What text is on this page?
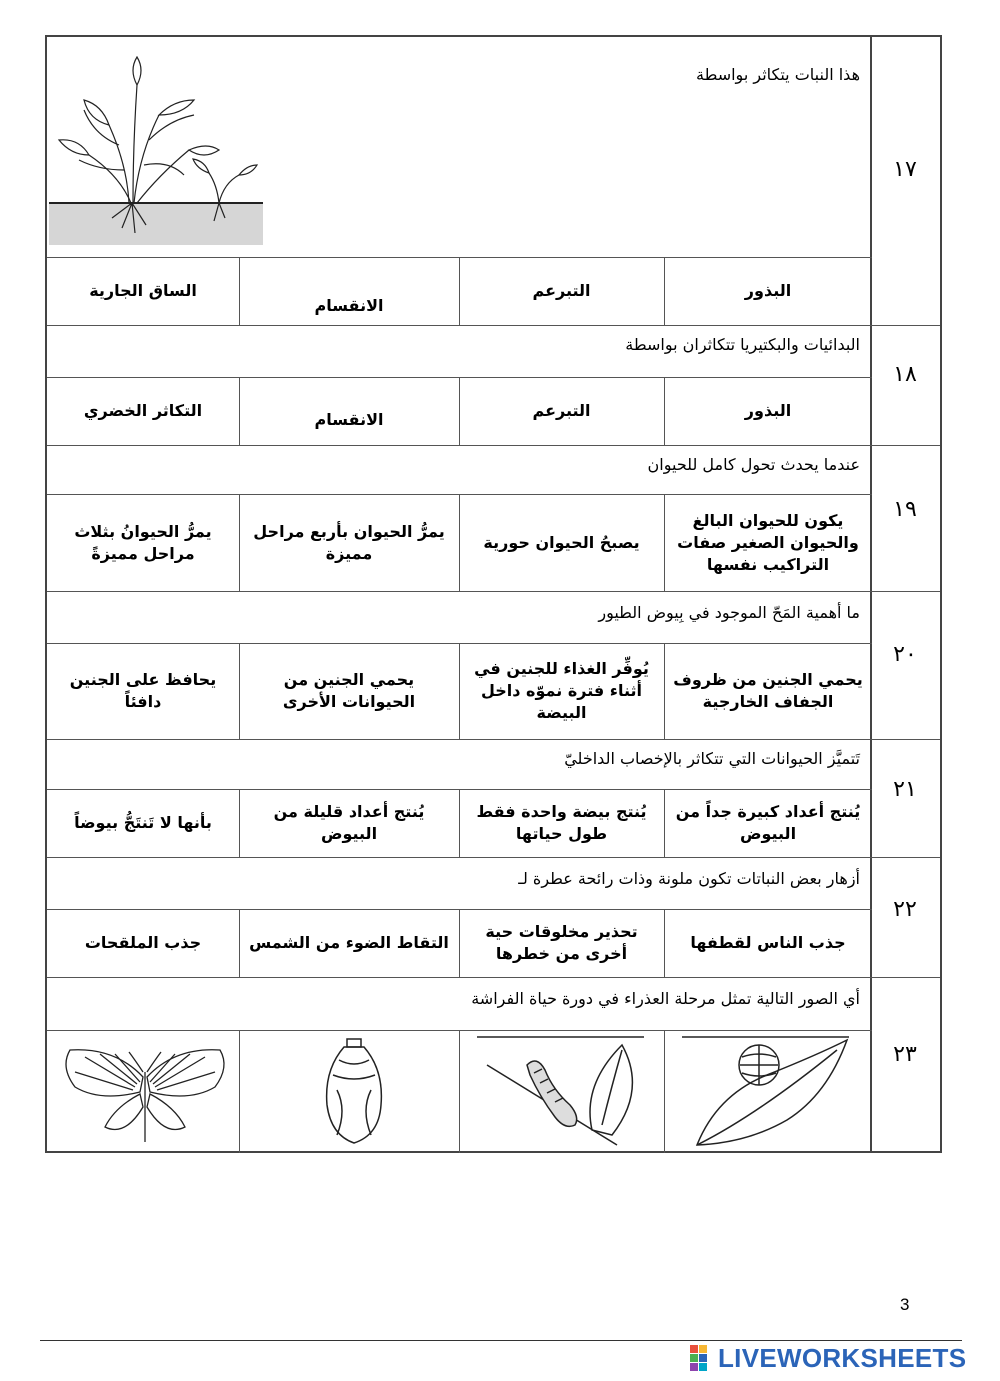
١٧
١٨
١٩
٢٠
٢١
٢٢
٢٣
هذا النبات يتكاثر بواسطة
البذور
التبرعم
الانقسام
الساق الجارية
البدائيات والبكتيريا تتكاثران بواسطة
البذور
التبرعم
الانقسام
التكاثر الخضري
عندما يحدث تحول كامل للحيوان
يكون للحيوان البالغ والحيوان الصغير صفات التراكيب نفسها
يصبحُ الحيوان حورية
يمرُّ الحيوان بأربع مراحل مميزة
يمرُّ الحيوانُ بثلاث مراحل مميزةً
ما أهمية المَحّ الموجود في بِيوض الطيور
يحمي الجنين من ظروف الجفاف الخارجية
يُوفِّر الغذاء للجنين في أثناء فترة نموّه داخل البيضة
يحمي الجنين من الحيوانات الأخرى
يحافظ على الجنين دافئاً
تَتميَّز الحيوانات التي تتكاثر بالإخصاب الداخليّ
يُنتج أعداد كبيرة جداً من البيوض
يُنتج بيضة واحدة فقط طول حياتها
يُنتج أعداد قليلة من البيوض
بأنها لا تَنتَجُّ بيوضاً
أزهار بعض النباتات تكون ملونة وذات رائحة عطرة لـ
جذب الناس لقطفها
تحذير مخلوقات حية أخرى من خطرها
التقاط الضوء من الشمس
جذب الملقحات
أي الصور التالية تمثل مرحلة العذراء في دورة حياة الفراشة
3
LIVEWORKSHEETS
